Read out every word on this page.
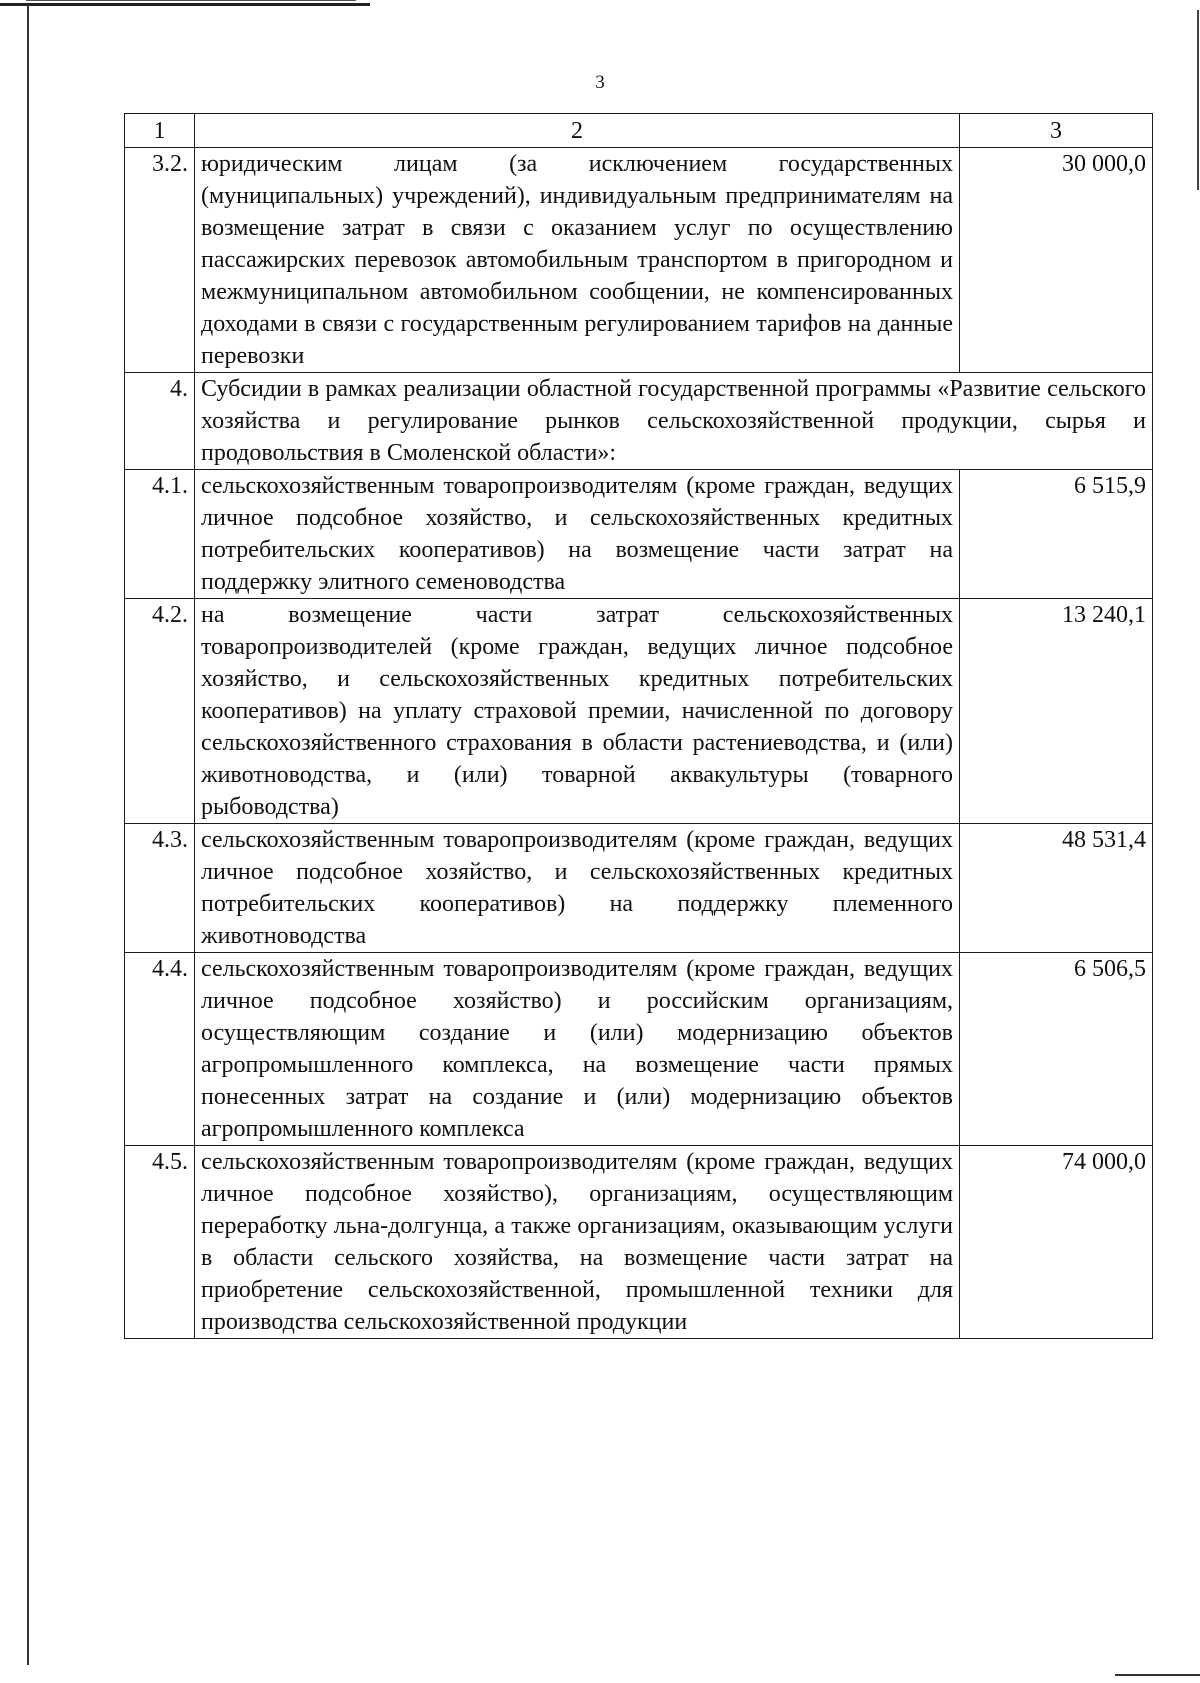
3
1	2	3
3.2.	юридическим лицам (за исключением государственных (муниципальных) учреждений), индивидуальным предпринимателям на возмещение затрат в связи с оказанием услуг по осуществлению пассажирских перевозок автомобильным транспортом в пригородном и межмуниципальном автомобильном сообщении, не компенсированных доходами в связи с государственным регулированием тарифов на данные перевозки	30 000,0
4.	Субсидии в рамках реализации областной государственной программы «Развитие сельского хозяйства и регулирование рынков сельскохозяйственной продукции, сырья и продовольствия в Смоленской области»:	
4.1.	сельскохозяйственным товаропроизводителям (кроме граждан, ведущих личное подсобное хозяйство, и сельскохозяйственных кредитных потребительских кооперативов) на возмещение части затрат на поддержку элитного семеноводства	6 515,9
4.2.	на возмещение части затрат сельскохозяйственных товаропроизводителей (кроме граждан, ведущих личное подсобное хозяйство, и сельскохозяйственных кредитных потребительских кооперативов) на уплату страховой премии, начисленной по договору сельскохозяйственного страхования в области растениеводства, и (или) животноводства, и (или) товарной аквакультуры (товарного рыбоводства)	13 240,1
4.3.	сельскохозяйственным товаропроизводителям (кроме граждан, ведущих личное подсобное хозяйство, и сельскохозяйственных кредитных потребительских кооперативов) на поддержку племенного животноводства	48 531,4
4.4.	сельскохозяйственным товаропроизводителям (кроме граждан, ведущих личное подсобное хозяйство) и российским организациям, осуществляющим создание и (или) модернизацию объектов агропромышленного комплекса, на возмещение части прямых понесенных затрат на создание и (или) модернизацию объектов агропромышленного комплекса	6 506,5
4.5.	сельскохозяйственным товаропроизводителям (кроме граждан, ведущих личное подсобное хозяйство), организациям, осуществляющим переработку льна-долгунца, а также организациям, оказывающим услуги в области сельского хозяйства, на возмещение части затрат на приобретение сельскохозяйственной, промышленной техники для производства сельскохозяйственной продукции	74 000,0
